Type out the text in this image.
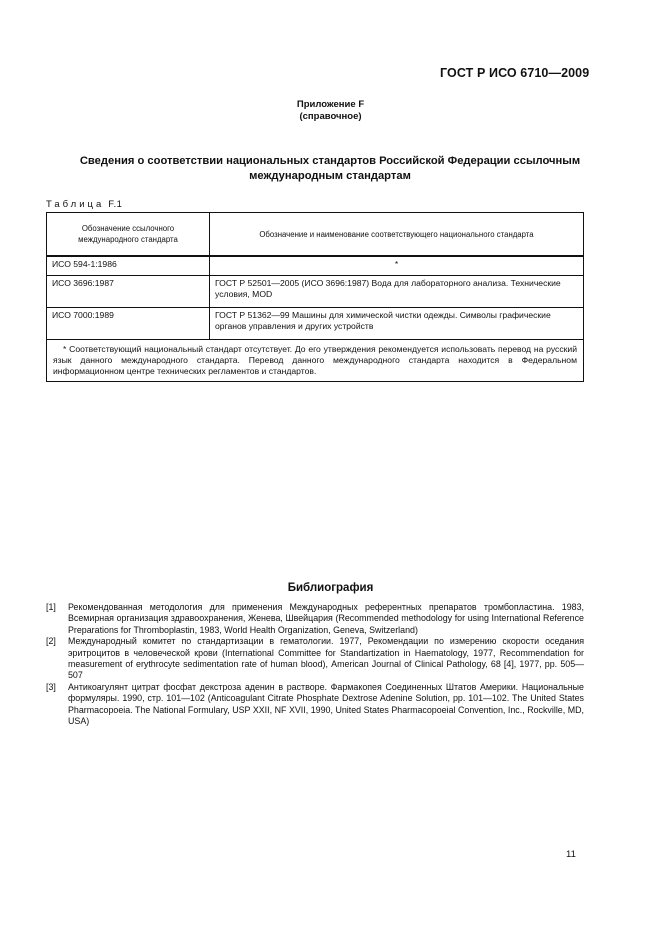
ГОСТ Р ИСО 6710—2009
Приложение F
(справочное)
Сведения о соответствии национальных стандартов Российской Федерации ссылочным
международным стандартам
Таблица F.1
Обозначение ссылочного международного стандарта	Обозначение и наименование соответствующего национального стандарта
ИСО 594-1:1986	*
ИСО 3696:1987	ГОСТ Р 52501—2005 (ИСО 3696:1987) Вода для лабораторного анализа. Технические условия, MOD
ИСО 7000:1989	ГОСТ Р 51362—99 Машины для химической чистки одежды. Символы графические органов управления и других устройств
* Соответствующий национальный стандарт отсутствует. До его утверждения рекомендуется использовать перевод на русский язык данного международного стандарта. Перевод данного международного стандарта находится в Федеральном информационном центре технических регламентов и стандартов.	
Библиография
[1]	Рекомендованная методология для применения Международных референтных препаратов тромбопластина. 1983, Всемирная организация здравоохранения, Женева, Швейцария (Recommended methodology for using International Reference Preparations for Thromboplastin, 1983, World Health Organization, Geneva, Switzerland)
[2]	Международный комитет по стандартизации в гематологии. 1977, Рекомендации по измерению скорости оседания эритроцитов в человеческой крови (International Committee for Standartization in Haematology, 1977, Recommendation for measurement of erythrocyte sedimentation rate of human blood), American Journal of Clinical Pathology, 68 [4], 1977, pp. 505—507
[3]	Антикоагулянт цитрат фосфат декстроза аденин в растворе. Фармакопея Соединенных Штатов Америки. Национальные формуляры. 1990, стр. 101—102 (Anticoagulant Citrate Phosphate Dextrose Adenine Solution, pp. 101—102. The United States Pharmacopoeia. The National Formulary, USP XXII, NF XVII, 1990, United States Pharmacopoeial Convention, Inc., Rockville, MD, USA)
11
